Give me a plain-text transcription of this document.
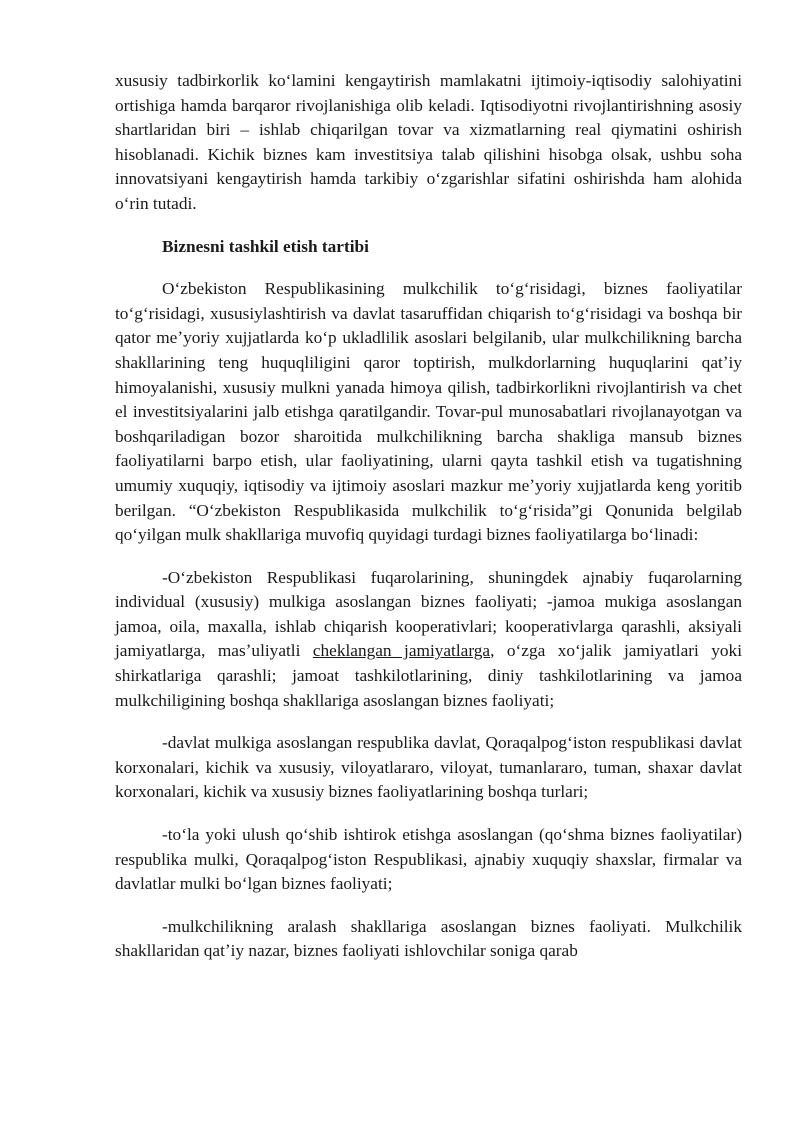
xususiy tadbirkorlik koʻlamini kengaytirish mamlakatni ijtimoiy-iqtisodiy salohiyatini ortishiga hamda barqaror rivojlanishiga olib keladi. Iqtisodiyotni rivojlantirishning asosiy shartlaridan biri – ishlab chiqarilgan tovar va xizmatlarning real qiymatini oshirish hisoblanadi. Kichik biznes kam investitsiya talab qilishini hisobga olsak, ushbu soha innovatsiyani kengaytirish hamda tarkibiy oʻzgarishlar sifatini oshirishda ham alohida oʻrin tutadi.

Biznesni tashkil etish tartibi

Oʻzbekiston Respublikasining mulkchilik toʻgʻrisidagi, biznes faoliyatilar toʻgʻrisidagi, xususiylashtirish va davlat tasaruffidan chiqarish toʻgʻrisidagi va boshqa bir qator meʼyoriy xujjatlarda koʻp ukladlilik asoslari belgilanib, ular mulkchilikning barcha shakllarining teng huquqliligini qaror toptirish, mulkdorlarning huquqlarini qatʼiy himoyalanishi, xususiy mulkni yanada himoya qilish, tadbirkorlikni rivojlantirish va chet el investitsiyalarini jalb etishga qaratilgandir. Tovar-pul munosabatlari rivojlanayotgan va boshqariladigan bozor sharoitida mulkchilikning barcha shakliga mansub biznes faoliyatilarni barpo etish, ular faoliyatining, ularni qayta tashkil etish va tugatishning umumiy xuquqiy, iqtisodiy va ijtimoiy asoslari mazkur meʼyoriy xujjatlarda keng yoritib berilgan. “Oʻzbekiston Respublikasida mulkchilik toʻgʻrisida”gi Qonunida belgilab qoʻyilgan mulk shakllariga muvofiq quyidagi turdagi biznes faoliyatilarga boʻlinadi:

-Oʻzbekiston Respublikasi fuqarolarining, shuningdek ajnabiy fuqarolarning individual (xususiy) mulkiga asoslangan biznes faoliyati; -jamoa mukiga asoslangan jamoa, oila, maxalla, ishlab chiqarish kooperativlari; kooperativlarga qarashli, aksiyali jamiyatlarga, masʼuliyatli cheklangan jamiyatlarga, oʻzga xoʻjalik jamiyatlari yoki shirkatlariga qarashli; jamoat tashkilotlarining, diniy tashkilotlarining va jamoa mulkchiligining boshqa shakllariga asoslangan biznes faoliyati;

-davlat mulkiga asoslangan respublika davlat, Qoraqalpogʻiston respublikasi davlat korxonalari, kichik va xususiy, viloyatlararo, viloyat, tumanlararo, tuman, shaxar davlat korxonalari, kichik va xususiy biznes faoliyatlarining boshqa turlari;

-toʻla yoki ulush qoʻshib ishtirok etishga asoslangan (qoʻshma biznes faoliyatilar) respublika mulki, Qoraqalpogʻiston Respublikasi, ajnabiy xuquqiy shaxslar, firmalar va davlatlar mulki boʻlgan biznes faoliyati;

-mulkchilikning aralash shakllariga asoslangan biznes faoliyati. Mulkchilik shakllaridan qatʼiy nazar, biznes faoliyati ishlovchilar soniga qarab
